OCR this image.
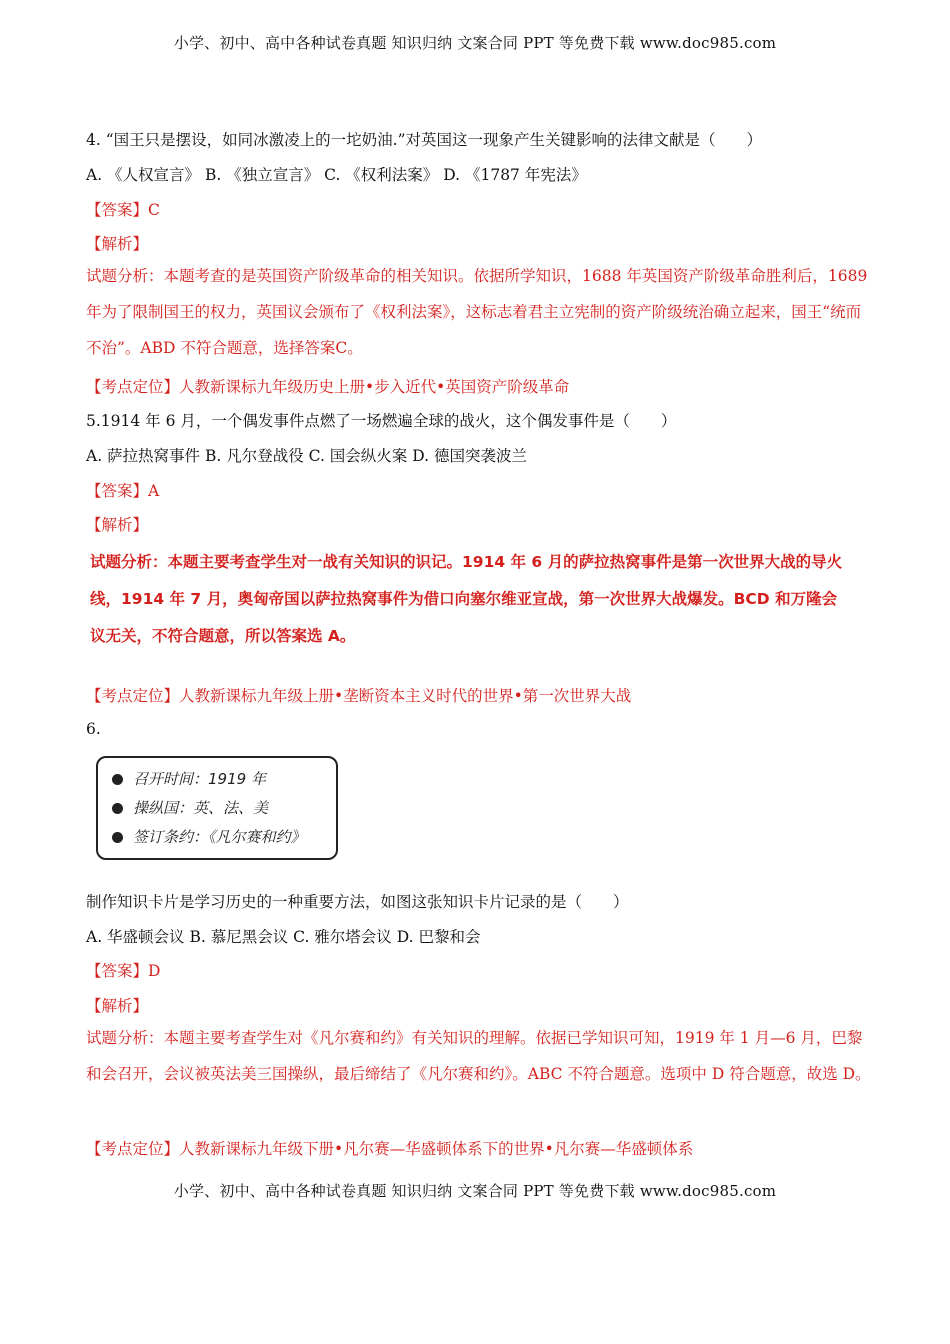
小学、初中、高中各种试卷真题 知识归纳 文案合同 PPT 等免费下载 www.doc985.com
4. “国王只是摆设，如同冰激凌上的一坨奶油.”对英国这一现象产生关键影响的法律文献是（　　）
A. 《人权宣言》 B. 《独立宣言》 C. 《权利法案》 D. 《1787 年宪法》
【答案】C
【解析】
试题分析：本题考查的是英国资产阶级革命的相关知识。依据所学知识，1688 年英国资产阶级革命胜利后，1689 年为了限制国王的权力，英国议会颁布了《权利法案》，这标志着君主立宪制的资产阶级统治确立起来，国王“统而不治”。ABD 不符合题意，选择答案C。
【考点定位】人教新课标九年级历史上册•步入近代•英国资产阶级革命
5.1914 年 6 月，一个偶发事件点燃了一场燃遍全球的战火，这个偶发事件是（　　）
A. 萨拉热窝事件 B. 凡尔登战役 C. 国会纵火案 D. 德国突袭波兰
【答案】A
【解析】
试题分析：本题主要考查学生对一战有关知识的识记。1914 年 6 月的萨拉热窝事件是第一次世界大战的导火线，1914 年 7 月，奥匈帝国以萨拉热窝事件为借口向塞尔维亚宣战，第一次世界大战爆发。BCD 和万隆会议无关，不符合题意，所以答案选 A。
【考点定位】人教新课标九年级上册•垄断资本主义时代的世界•第一次世界大战
6.
召开时间：1919 年
操纵国：英、法、美
签订条约：《凡尔赛和约》
制作知识卡片是学习历史的一种重要方法，如图这张知识卡片记录的是（　　）
A. 华盛顿会议 B. 慕尼黑会议 C. 雅尔塔会议 D. 巴黎和会
【答案】D
【解析】
试题分析：本题主要考查学生对《凡尔赛和约》有关知识的理解。依据已学知识可知，1919 年 1 月—6 月，巴黎和会召开，会议被英法美三国操纵，最后缔结了《凡尔赛和约》。ABC 不符合题意。选项中 D 符合题意，故选 D。
【考点定位】人教新课标九年级下册•凡尔赛—华盛顿体系下的世界•凡尔赛—华盛顿体系
小学、初中、高中各种试卷真题 知识归纳 文案合同 PPT 等免费下载 www.doc985.com
